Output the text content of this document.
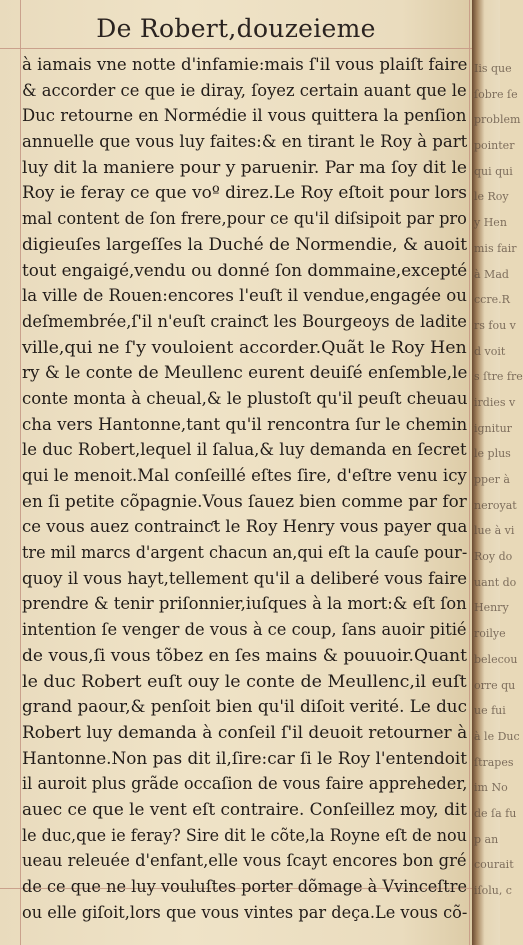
De Robert,douzeieme
à iamais vne notte d'infamie:mais ſ'il vous plaiſt faire
& accorder ce que ie diray, ſoyez certain auant que le
Duc retourne en Normédie il vous quittera la penſion
annuelle que vous luy faites:& en tirant le Roy à part
luy dit la maniere pour y paruenir. Par ma ſoy dit le
Roy ie feray ce que voº direz.Le Roy eſtoit pour lors
mal content de ſon frere,pour ce qu'il diſsipoit par pro
digieuſes largeſſes la Duché de Normendie, & auoit
tout engaigé,vendu ou donné ſon dommaine,excepté
la ville de Rouen:encores l'euſt il vendue,engagée ou
deſmembrée,ſ'il n'euſt crainƈt les Bourgeoys de ladite
ville,qui ne ſ'y vouloient accorder.Quãt le Roy Hen
ry & le conte de Meullenc eurent deuiſé enſemble,le
conte monta à cheual,& le plustoſt qu'il peuſt cheuau
cha vers Hantonne,tant qu'il rencontra ſur le chemin
le duc Robert,lequel il ſalua,& luy demanda en ſecret
qui le menoit.Mal conſeillé eſtes ſire, d'eſtre venu icy
en ſi petite cõpagnie.Vous ſauez bien comme par for
ce vous auez contrainƈt le Roy Henry vous payer qua
tre mil marcs d'argent chacun an,qui eſt la cauſe pour-
quoy il vous hayt,tellement qu'il a deliberé vous faire
prendre & tenir priſonnier,iuſques à la mort:& eſt ſon
intention ſe venger de vous à ce coup, ſans auoir pitié
de vous,ſi vous tõbez en ſes mains & pouuoir.Quant
le duc Robert euſt ouy le conte de Meullenc,il euſt
grand paour,& penſoit bien qu'il diſoit verité. Le duc
Robert luy demanda à conſeil ſ'il deuoit retourner à
Hantonne.Non pas dit il,ſire:car ſi le Roy l'entendoit
il auroit plus grãde occaſion de vous faire appreheder,
auec ce que le vent eſt contraire. Conſeillez moy, dit
le duc,que ie feray? Sire dit le cõte,la Royne eſt de nou
ueau releuée d'enfant,elle vous ſcayt encores bon gré
de ce que ne luy vouluſtes porter dõmage à Vvinceſtre
ou elle giſoit,lors que vous vintes par deça.Le vous cõ-
Iis que
ſobre ſe
problem
pointer
qui qui
le Roy
y Hen
mis fair
à Mad
ccre.R
rs fou v
d voit
s ſtre fre
irdies v
ignitur
le plus
pper à
neroyat
lue à vi
Roy do
uant do
Henry
roilye
belecou
orre qu
ue fui
à le Duc
ſtrapes
im No
de ſa fu
p an
courait
iſolu, c
